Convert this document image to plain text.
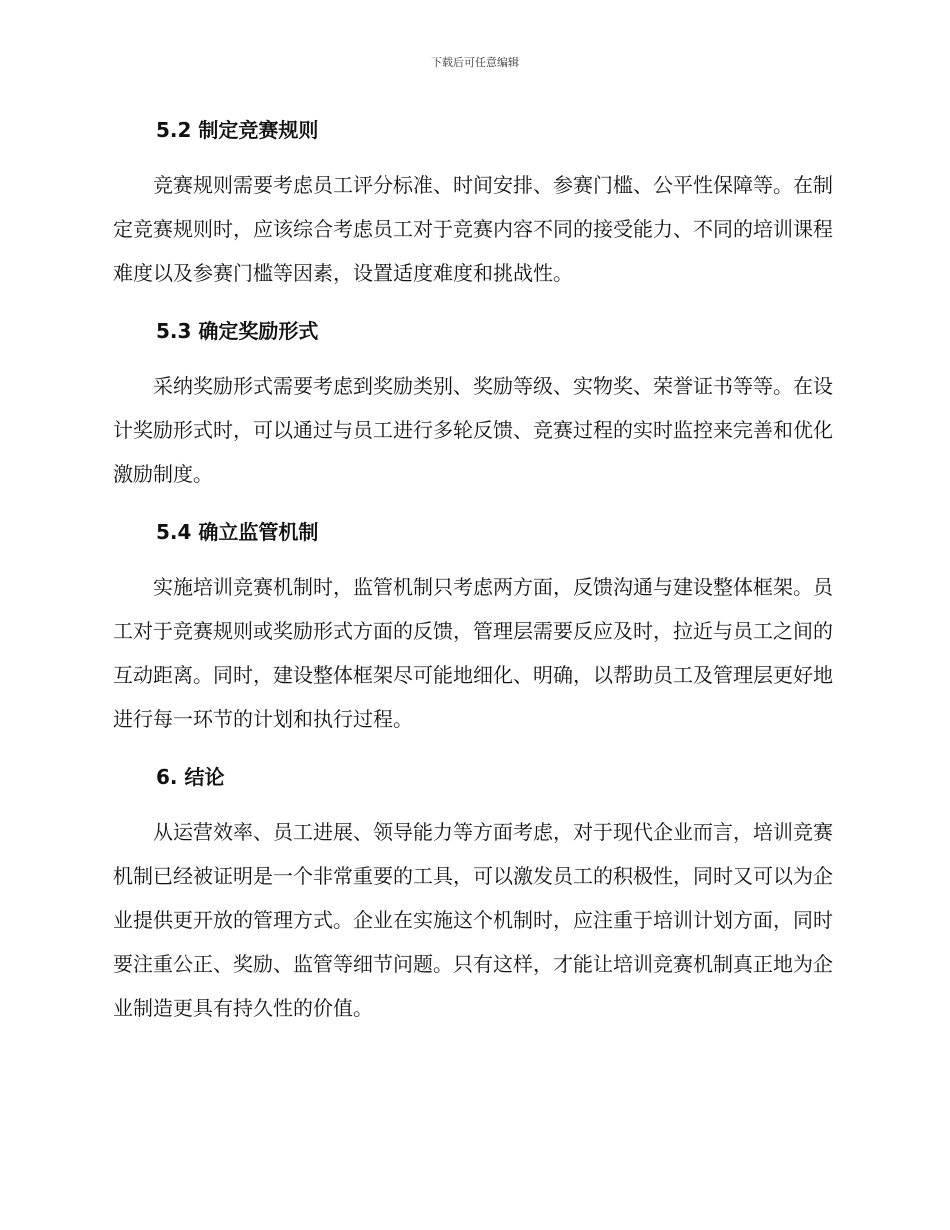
下载后可任意编辑
5.2 制定竞赛规则

竞赛规则需要考虑员工评分标准、时间安排、参赛门槛、公平性保障等。在制定竞赛规则时，应该综合考虑员工对于竞赛内容不同的接受能力、不同的培训课程难度以及参赛门槛等因素，设置适度难度和挑战性。

5.3 确定奖励形式

采纳奖励形式需要考虑到奖励类别、奖励等级、实物奖、荣誉证书等等。在设计奖励形式时，可以通过与员工进行多轮反馈、竞赛过程的实时监控来完善和优化激励制度。

5.4 确立监管机制

实施培训竞赛机制时，监管机制只考虑两方面，反馈沟通与建设整体框架。员工对于竞赛规则或奖励形式方面的反馈，管理层需要反应及时，拉近与员工之间的互动距离。同时，建设整体框架尽可能地细化、明确，以帮助员工及管理层更好地进行每一环节的计划和执行过程。

6. 结论

从运营效率、员工进展、领导能力等方面考虑，对于现代企业而言，培训竞赛机制已经被证明是一个非常重要的工具，可以激发员工的积极性，同时又可以为企业提供更开放的管理方式。企业在实施这个机制时，应注重于培训计划方面，同时要注重公正、奖励、监管等细节问题。只有这样，才能让培训竞赛机制真正地为企业制造更具有持久性的价值。
